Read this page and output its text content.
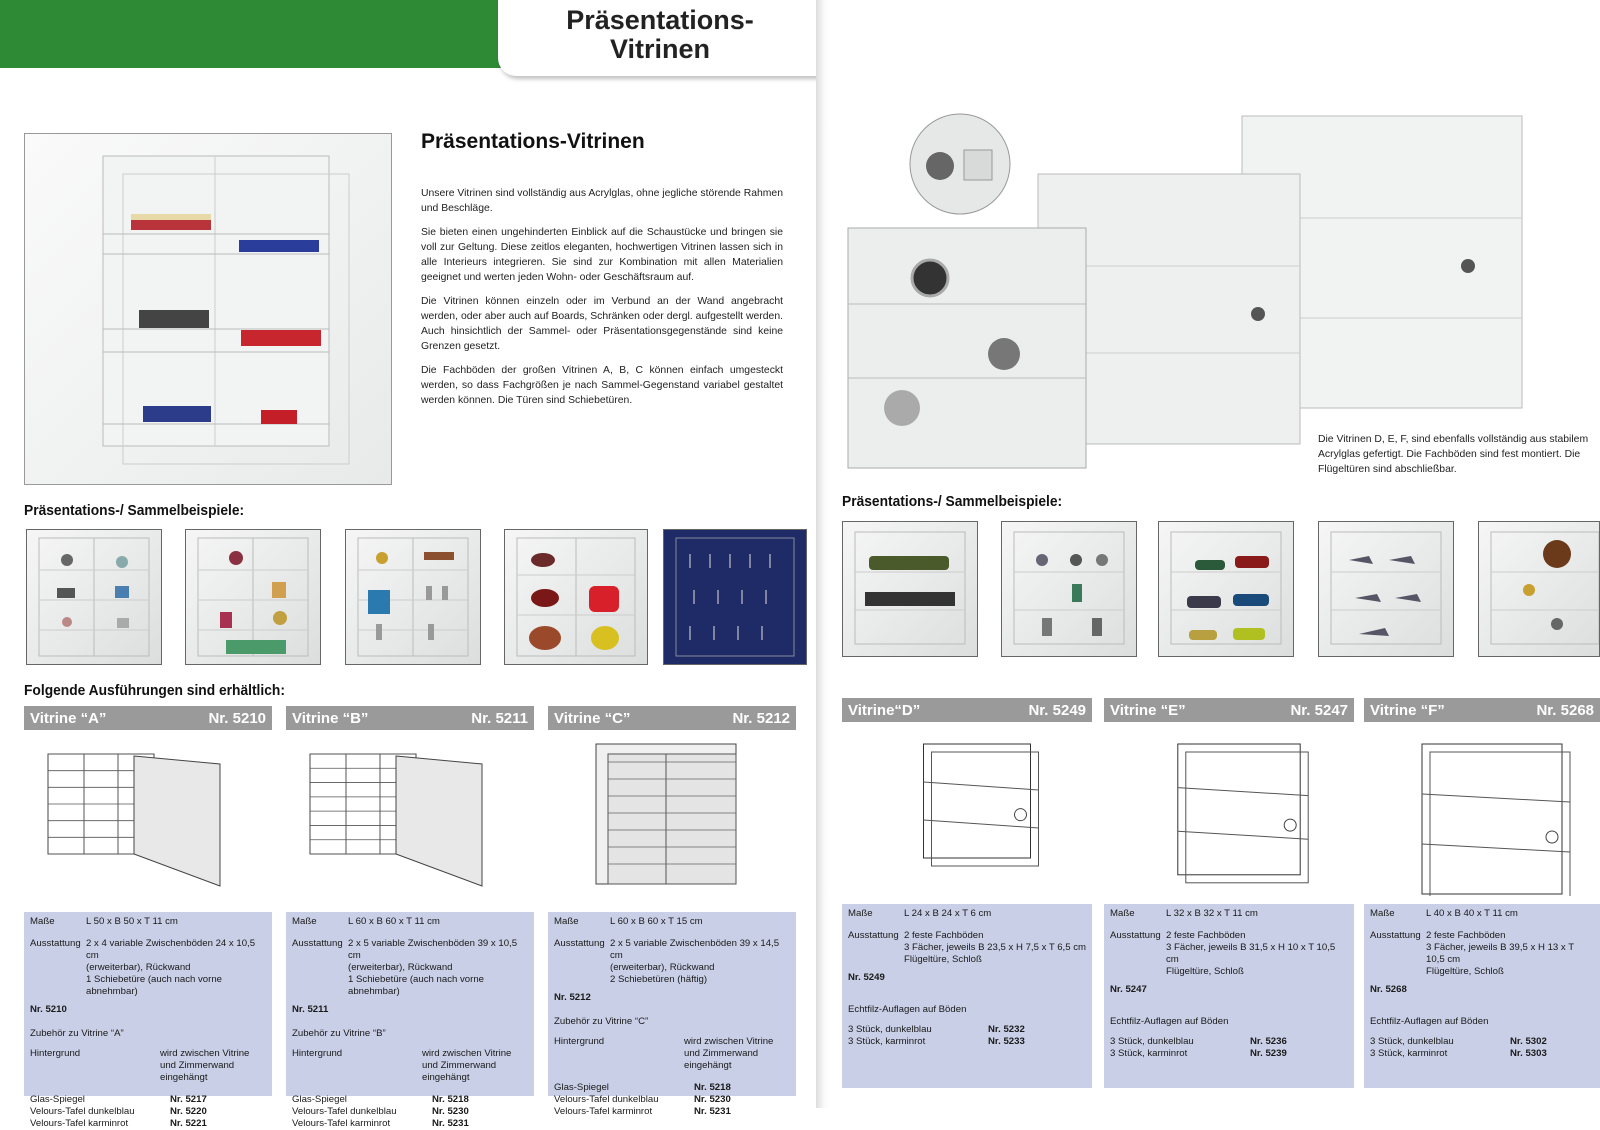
Präsentations-
Vitrinen
Präsentations-Vitrinen

Unsere Vitrinen sind vollständig aus Acrylglas, ohne jegliche störende Rahmen und Beschläge.

Sie bieten einen ungehinderten Einblick auf die Schaustücke und bringen sie voll zur Geltung. Diese zeitlos eleganten, hochwertigen Vitrinen lassen sich in alle Interieurs integrieren. Sie sind zur Kombination mit allen Materialien geeignet und werten jeden Wohn- oder Geschäftsraum auf.

Die Vitrinen können einzeln oder im Verbund an der Wand angebracht werden, oder aber auch auf Boards, Schränken oder dergl. aufgestellt werden. Auch hinsichtlich der Sammel- oder Präsentationsgegenstände sind keine Grenzen gesetzt.

Die Fachböden der großen Vitrinen A, B, C können einfach umgesteckt werden, so dass Fachgrößen je nach Sammel-Gegenstand variabel gestaltet werden können. Die Türen sind Schiebetüren.

Präsentations-/ Sammelbeispiele:
Folgende Ausführungen sind erhältlich:
Die Vitrinen D, E, F, sind ebenfalls vollständig aus stabilem Acrylglas gefertigt. Die Fachböden sind fest montiert. Die Flügeltüren sind abschließbar.
Präsentations-/ Sammelbeispiele:
Vitrine “A”	Nr. 5210
Maße	L 50 x B 50 x T 11 cm
Ausstattung 2 x 4 variable Zwischenböden 24 x 10,5 cm
(erweiterbar), Rückwand
1 Schiebetüre (auch nach vorne abnehmbar)
Nr. 5210
Zubehör zu Vitrine “A”
Hintergrund	wird zwischen Vitrine und Zimmerwand eingehängt
Glas-Spiegel	Nr. 5217
Velours-Tafel dunkelblau	Nr. 5220
Velours-Tafel karminrot	Nr. 5221
Vitrine “B”	Nr. 5211
Maße	L 60 x B 60 x T 11 cm
Ausstattung 2 x 5 variable Zwischenböden 39 x 10,5 cm
(erweiterbar), Rückwand
1 Schiebetüre (auch nach vorne abnehmbar)
Nr. 5211
Zubehör zu Vitrine “B”
Hintergrund	wird zwischen Vitrine und Zimmerwand eingehängt
Glas-Spiegel	Nr. 5218
Velours-Tafel dunkelblau	Nr. 5230
Velours-Tafel karminrot	Nr. 5231
Vitrine “C”	Nr. 5212
Maße	L 60 x B 60 x T 15 cm
Ausstattung 2 x 5 variable Zwischenböden 39 x 14,5 cm
(erweiterbar), Rückwand
2 Schiebetüren (häftig)
Nr. 5212
Zubehör zu Vitrine “C”
Hintergrund	wird zwischen Vitrine und Zimmerwand eingehängt
Glas-Spiegel	Nr. 5218
Velours-Tafel dunkelblau	Nr. 5230
Velours-Tafel karminrot	Nr. 5231
Vitrine“D”	Nr. 5249
Maße	L 24 x B 24 x T 6 cm
Ausstattung 2 feste Fachböden
3 Fächer, jeweils B 23,5 x H 7,5 x T 6,5 cm
Flügeltüre, Schloß
Nr. 5249
Echtfilz-Auflagen auf Böden
3 Stück, dunkelblau	Nr. 5232
3 Stück, karminrot	Nr. 5233
Vitrine “E”	Nr. 5247
Maße	L 32 x B 32 x T 11 cm
Ausstattung 2 feste Fachböden
3 Fächer, jeweils B 31,5 x H 10 x T 10,5 cm
Flügeltüre, Schloß
Nr. 5247
Echtfilz-Auflagen auf Böden
3 Stück, dunkelblau	Nr. 5236
3 Stück, karminrot	Nr. 5239
Vitrine “F”	Nr. 5268
Maße	L 40 x B 40 x T 11 cm
Ausstattung 2 feste Fachböden
3 Fächer, jeweils B 39,5 x H 13 x T 10,5 cm
Flügeltüre, Schloß
Nr. 5268
Echtfilz-Auflagen auf Böden
3 Stück, dunkelblau	Nr. 5302
3 Stück, karminrot	Nr. 5303
